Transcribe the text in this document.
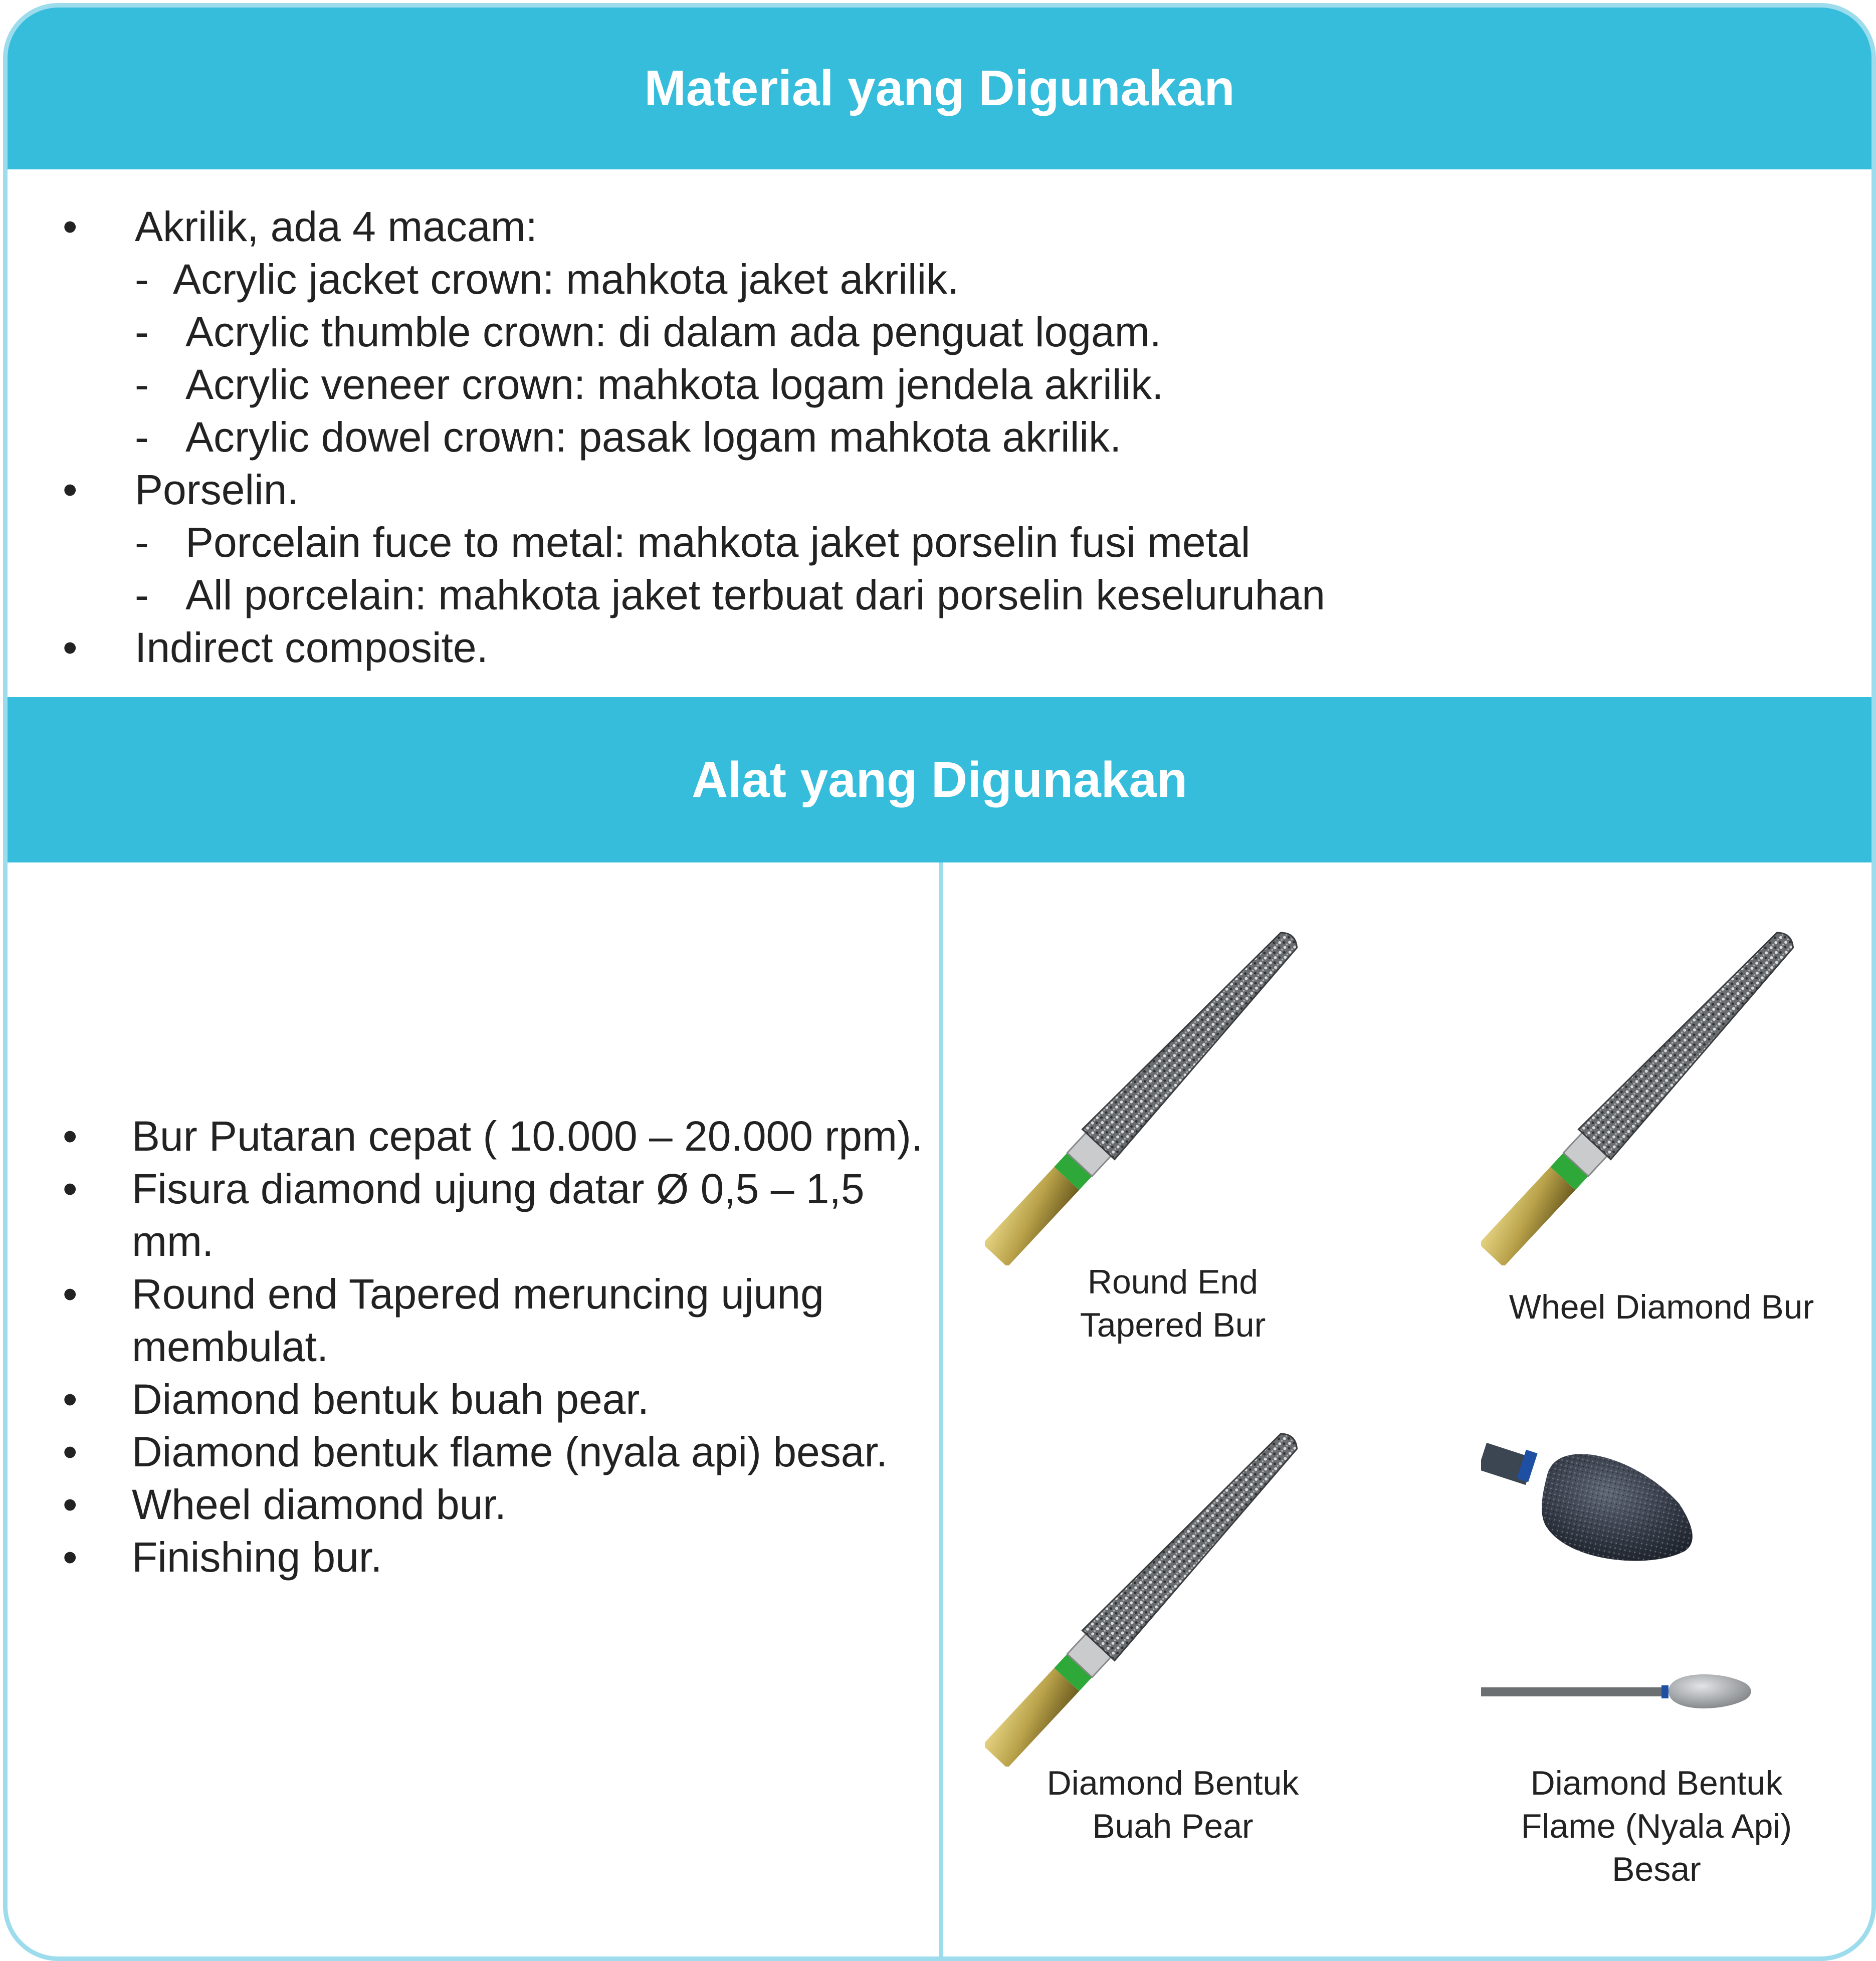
Material yang Digunakan
• Akrilik, ada 4 macam:
- Acrylic jacket crown: mahkota jaket akrilik.
- Acrylic thumble crown: di dalam ada penguat logam.
- Acrylic veneer crown: mahkota logam jendela akrilik.
- Acrylic dowel crown: pasak logam mahkota akrilik.
• Porselin.
- Porcelain fuce to metal: mahkota jaket porselin fusi metal
- All porcelain: mahkota jaket terbuat dari porselin keseluruhan
• Indirect composite.
Alat yang Digunakan
• Bur Putaran cepat ( 10.000 – 20.000 rpm).
• Fisura diamond ujung datar Ø 0,5 – 1,5 mm.
• Round end Tapered meruncing ujung membulat.
• Diamond bentuk buah pear.
• Diamond bentuk flame (nyala api) besar.
• Wheel diamond bur.
• Finishing bur.
Round End
Tapered Bur	Wheel Diamond Bur
Diamond Bentuk
Buah Pear
Diamond Bentuk
Flame (Nyala Api)
Besar
